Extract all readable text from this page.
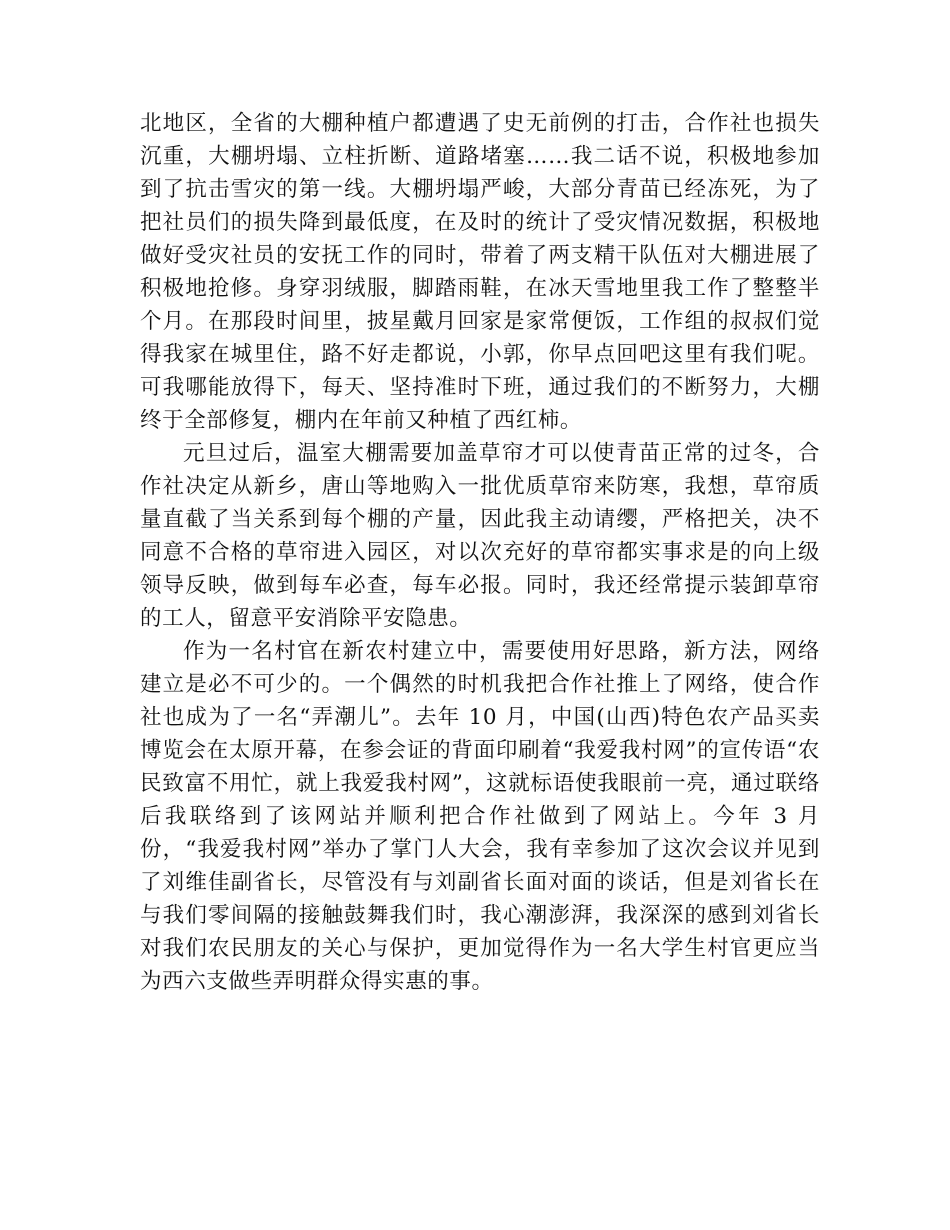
北地区，全省的大棚种植户都遭遇了史无前例的打击，合作社也损失沉重，大棚坍塌、立柱折断、道路堵塞……我二话不说，积极地参加到了抗击雪灾的第一线。大棚坍塌严峻，大部分青苗已经冻死，为了把社员们的损失降到最低度，在及时的统计了受灾情况数据，积极地做好受灾社员的安抚工作的同时，带着了两支精干队伍对大棚进展了积极地抢修。身穿羽绒服，脚踏雨鞋，在冰天雪地里我工作了整整半个月。在那段时间里，披星戴月回家是家常便饭，工作组的叔叔们觉得我家在城里住，路不好走都说，小郭，你早点回吧这里有我们呢。可我哪能放得下，每天、坚持准时下班，通过我们的不断努力，大棚终于全部修复，棚内在年前又种植了西红柿。

元旦过后，温室大棚需要加盖草帘才可以使青苗正常的过冬，合作社决定从新乡，唐山等地购入一批优质草帘来防寒，我想，草帘质量直截了当关系到每个棚的产量，因此我主动请缨，严格把关，决不同意不合格的草帘进入园区，对以次充好的草帘都实事求是的向上级领导反映，做到每车必查，每车必报。同时，我还经常提示装卸草帘的工人，留意平安消除平安隐患。

作为一名村官在新农村建立中，需要使用好思路，新方法，网络建立是必不可少的。一个偶然的时机我把合作社推上了网络，使合作社也成为了一名“弄潮儿”。去年 10 月，中国(山西)特色农产品买卖博览会在太原开幕，在参会证的背面印刷着“我爱我村网”的宣传语“农民致富不用忙，就上我爱我村网”，这就标语使我眼前一亮，通过联络后我联络到了该网站并顺利把合作社做到了网站上。今年 3 月份，“我爱我村网”举办了掌门人大会，我有幸参加了这次会议并见到了刘维佳副省长，尽管没有与刘副省长面对面的谈话，但是刘省长在与我们零间隔的接触鼓舞我们时，我心潮澎湃，我深深的感到刘省长对我们农民朋友的关心与保护，更加觉得作为一名大学生村官更应当为西六支做些弄明群众得实惠的事。
